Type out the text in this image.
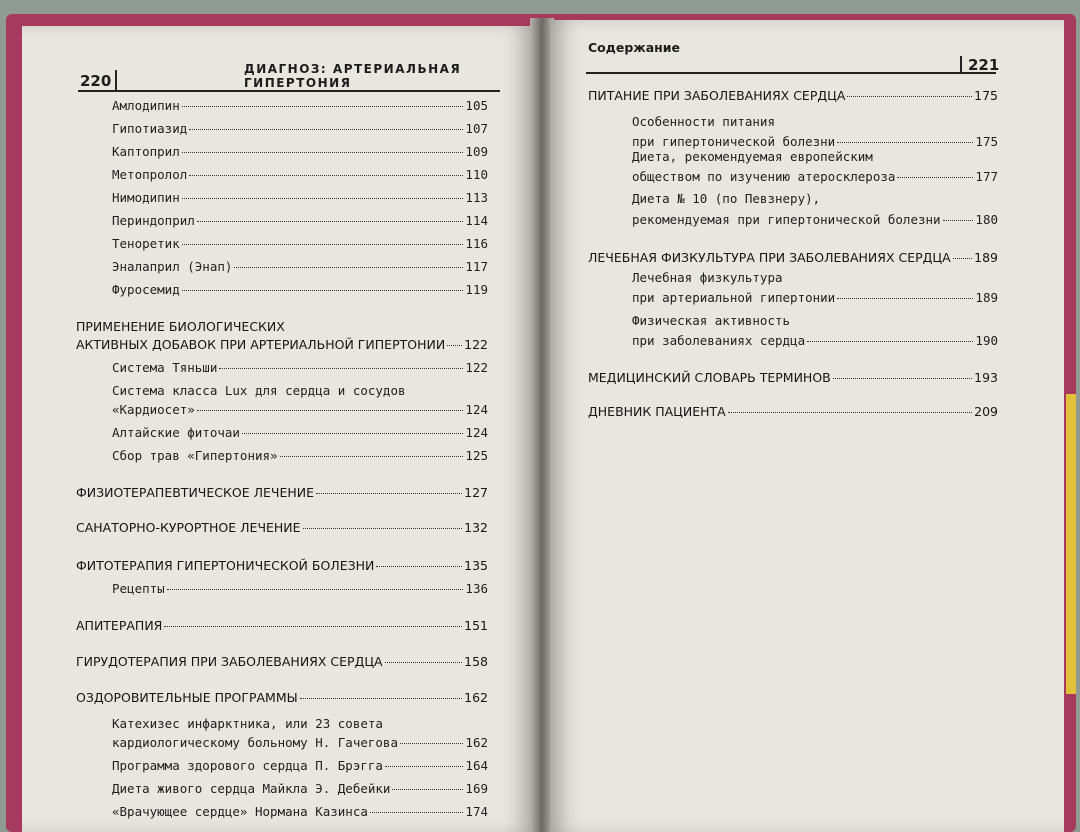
220
ДИАГНОЗ: АРТЕРИАЛЬНАЯ ГИПЕРТОНИЯ
Амлодипин	105
Гипотиазид	107
Каптоприл	109
Метопролол	110
Нимодипин	113
Периндоприл	114
Теноретик	116
Эналаприл (Энап)	117
Фуросемид	119
ПРИМЕНЕНИЕ БИОЛОГИЧЕСКИХ
АКТИВНЫХ ДОБАВОК ПРИ АРТЕРИАЛЬНОЙ ГИПЕРТОНИИ 122
Система Тяньши	122
Система класса Lux для сердца и сосудов
«Кардиосет»	124
Алтайские фиточаи	124
Сбор трав «Гипертония»	125
ФИЗИОТЕРАПЕВТИЧЕСКОЕ ЛЕЧЕНИЕ	127
САНАТОРНО-КУРОРТНОЕ ЛЕЧЕНИЕ	132
ФИТОТЕРАПИЯ ГИПЕРТОНИЧЕСКОЙ БОЛЕЗНИ	135
Рецепты	136
АПИТЕРАПИЯ	151
ГИРУДОТЕРАПИЯ ПРИ ЗАБОЛЕВАНИЯХ СЕРДЦА	158
ОЗДОРОВИТЕЛЬНЫЕ ПРОГРАММЫ	162
Катехизес инфарктника, или 23 совета
кардиологическому больному Н. Гачегова	162
Программа здорового сердца П. Брэгга	164
Диета живого сердца Майкла Э. Дебейки	169
«Врачующее сердце» Нормана Казинса	174
Содержание
221
ПИТАНИЕ ПРИ ЗАБОЛЕВАНИЯХ СЕРДЦА	175
Особенности питания
при гипертонической болезни	175
Диета, рекомендуемая европейским
обществом по изучению атеросклероза	177
Диета № 10 (по Певзнеру),
рекомендуемая при гипертонической болезни	180
ЛЕЧЕБНАЯ ФИЗКУЛЬТУРА ПРИ ЗАБОЛЕВАНИЯХ СЕРДЦА 189
Лечебная физкультура
при артериальной гипертонии	189
Физическая активность
при заболеваниях сердца	190
МЕДИЦИНСКИЙ СЛОВАРЬ ТЕРМИНОВ	193
ДНЕВНИК ПАЦИЕНТА	209
